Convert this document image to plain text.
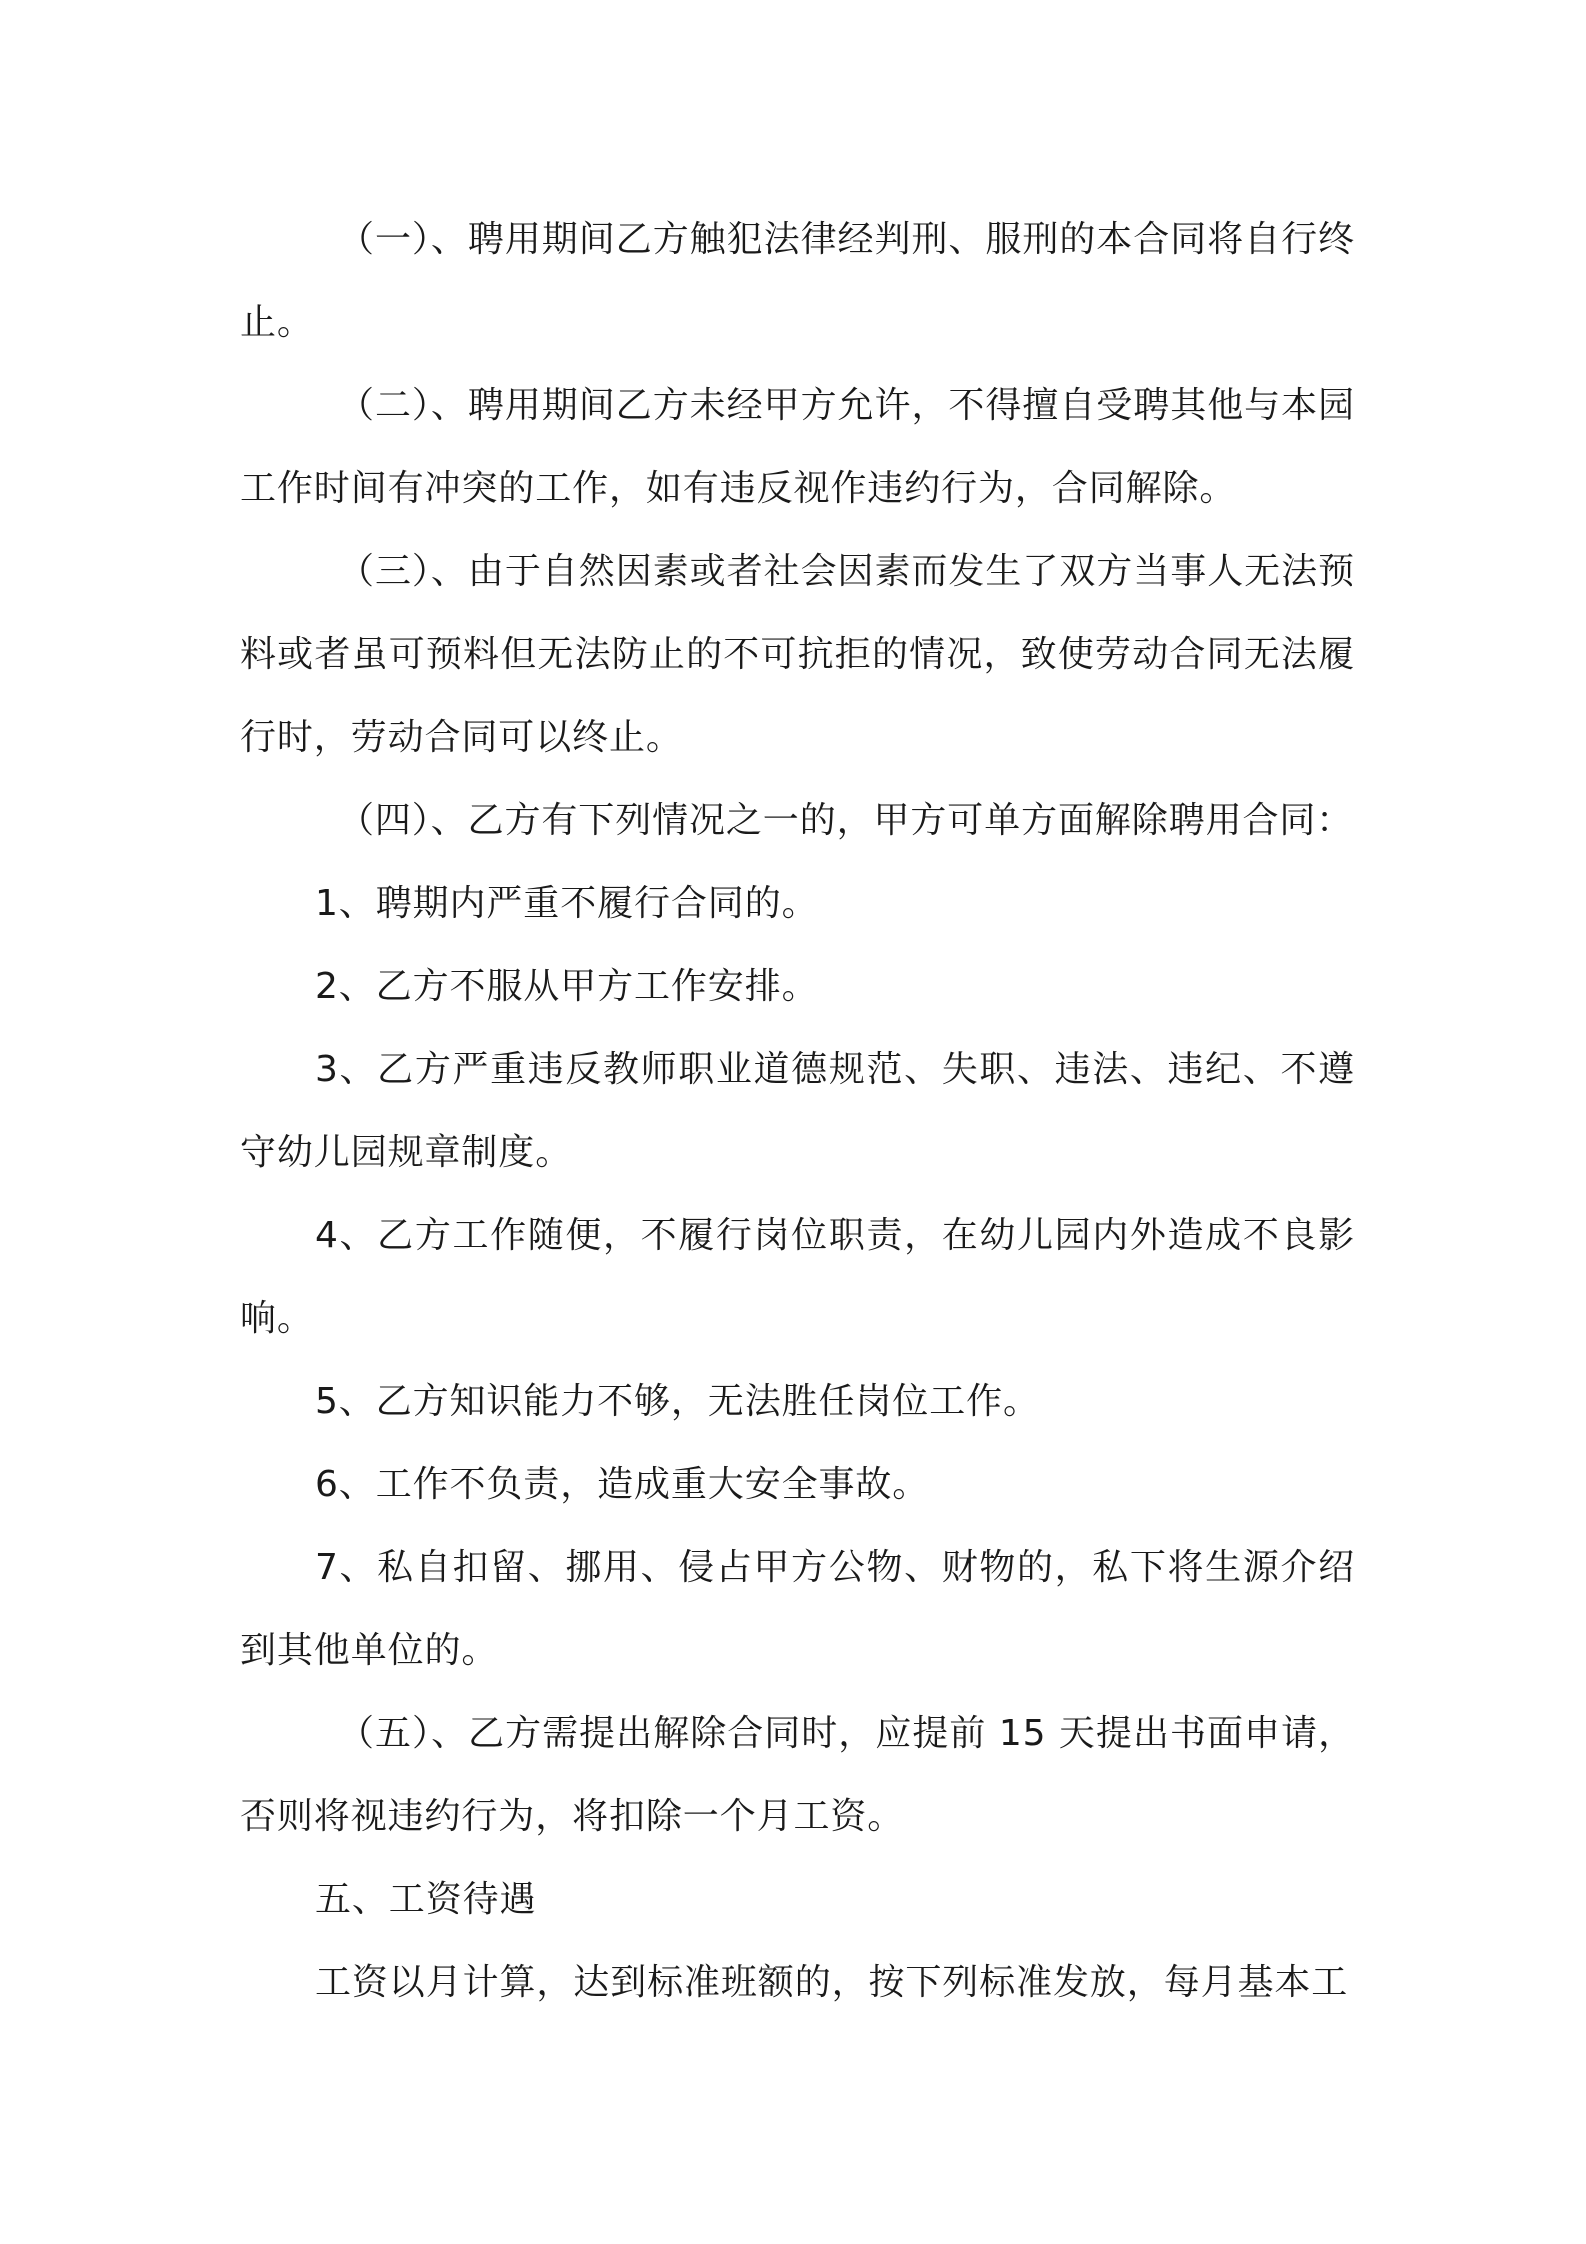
（一）、聘用期间乙方触犯法律经判刑、服刑的本合同将自行终止。

（二）、聘用期间乙方未经甲方允许，不得擅自受聘其他与本园工作时间有冲突的工作，如有违反视作违约行为，合同解除。

（三）、由于自然因素或者社会因素而发生了双方当事人无法预料或者虽可预料但无法防止的不可抗拒的情况，致使劳动合同无法履行时，劳动合同可以终止。

（四）、乙方有下列情况之一的，甲方可单方面解除聘用合同：

1、聘期内严重不履行合同的。

2、乙方不服从甲方工作安排。

3、乙方严重违反教师职业道德规范、失职、违法、违纪、不遵守幼儿园规章制度。

4、乙方工作随便，不履行岗位职责，在幼儿园内外造成不良影响。

5、乙方知识能力不够，无法胜任岗位工作。

6、工作不负责，造成重大安全事故。

7、私自扣留、挪用、侵占甲方公物、财物的，私下将生源介绍到其他单位的。

（五）、乙方需提出解除合同时，应提前 15 天提出书面申请，否则将视违约行为，将扣除一个月工资。

五、工资待遇

工资以月计算，达到标准班额的，按下列标准发放，每月基本工
